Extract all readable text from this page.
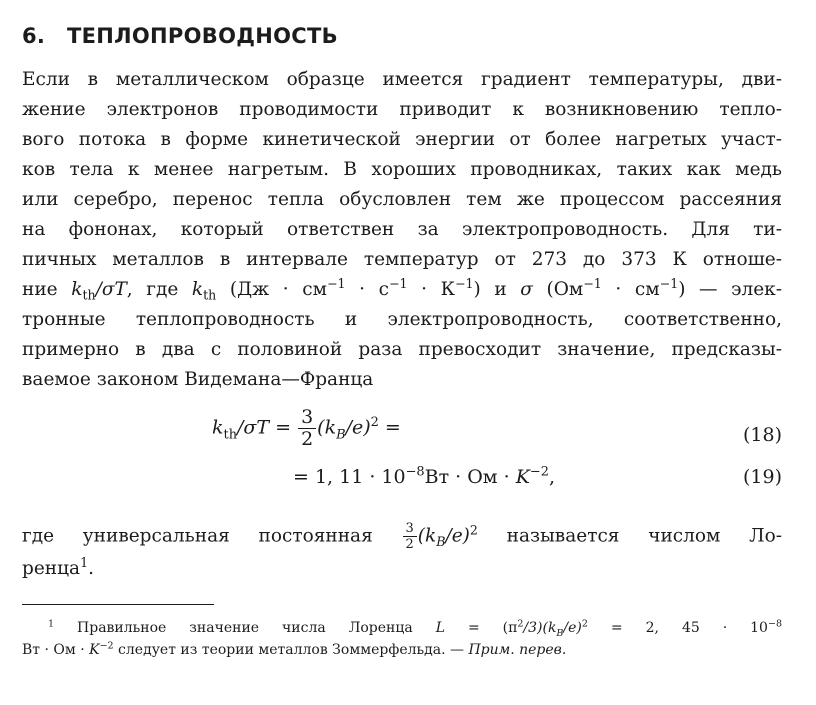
6. ТЕПЛОПРОВОДНОСТЬ
Если в металлическом образце имеется градиент температуры, дви-
жение электронов проводимости приводит к возникновению тепло-
вого потока в форме кинетической энергии от более нагретых участ-
ков тела к менее нагретым. В хороших проводниках, таких как медь
или серебро, перенос тепла обусловлен тем же процессом рассеяния
на фононах, который ответствен за электропроводность. Для ти-
пичных металлов в интервале температур от 273 до 373 К отноше-
ние $k_{th}/\sigma T$, где $k_{th}$ $(Дж \cdot см^{-1} \cdot с^{-1} \cdot К^{-1})$ и σ $(Ом^{-1} \cdot см^{-1})$ — элек-
тронные теплопроводность и электропроводность, соответственно,
примерно в два с половиной раза превосходит значение, предсказы-
ваемое законом Видемана—Франца
$k_{th}/\sigma T = \frac{3}{2} (k_B/e)^2$ =	(18)
= 1, $11 \cdot 10^{-8}Вт$ · Ом · $K^{-2}$,	(19)
где универсальная постоянная $\frac{3}{2} (k_B/e)^2$ называется числом Ло-
ренца$^1$.
$^1$ Правильное значение числа Лоренца $L = (\pi^2/3)(k_B/e)^2 = 2$, $45 \cdot 10^{-8}$
Вт · Ом · $K^{-2}$ следует из теории металлов Зоммерфельда. — Прим. перев.
